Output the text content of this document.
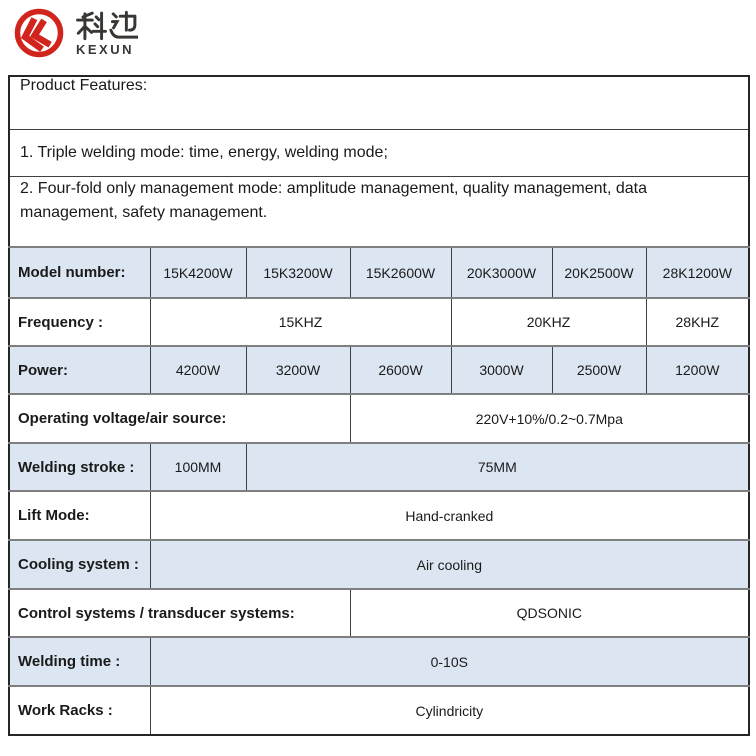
KEXUN
Product Features:						
1. Triple welding mode: time, energy, welding mode;						
2. Four-fold only management mode: amplitude management, quality management, data management, safety management.						
Model number:	15K4200W	15K3200W	15K2600W	20K3000W	20K2500W	28K1200W
Frequency :	15KHZ			20KHZ		28KHZ
Power:	4200W	3200W	2600W	3000W	2500W	1200W
Operating voltage/air source:			220V+10%/0.2~0.7Mpa			
Welding stroke :	100MM	75MM				
Lift Mode:	Hand-cranked					
Cooling system :	Air cooling					
Control systems / transducer systems:			QDSONIC			
Welding time :	0-10S					
Work Racks :	Cylindricity					
